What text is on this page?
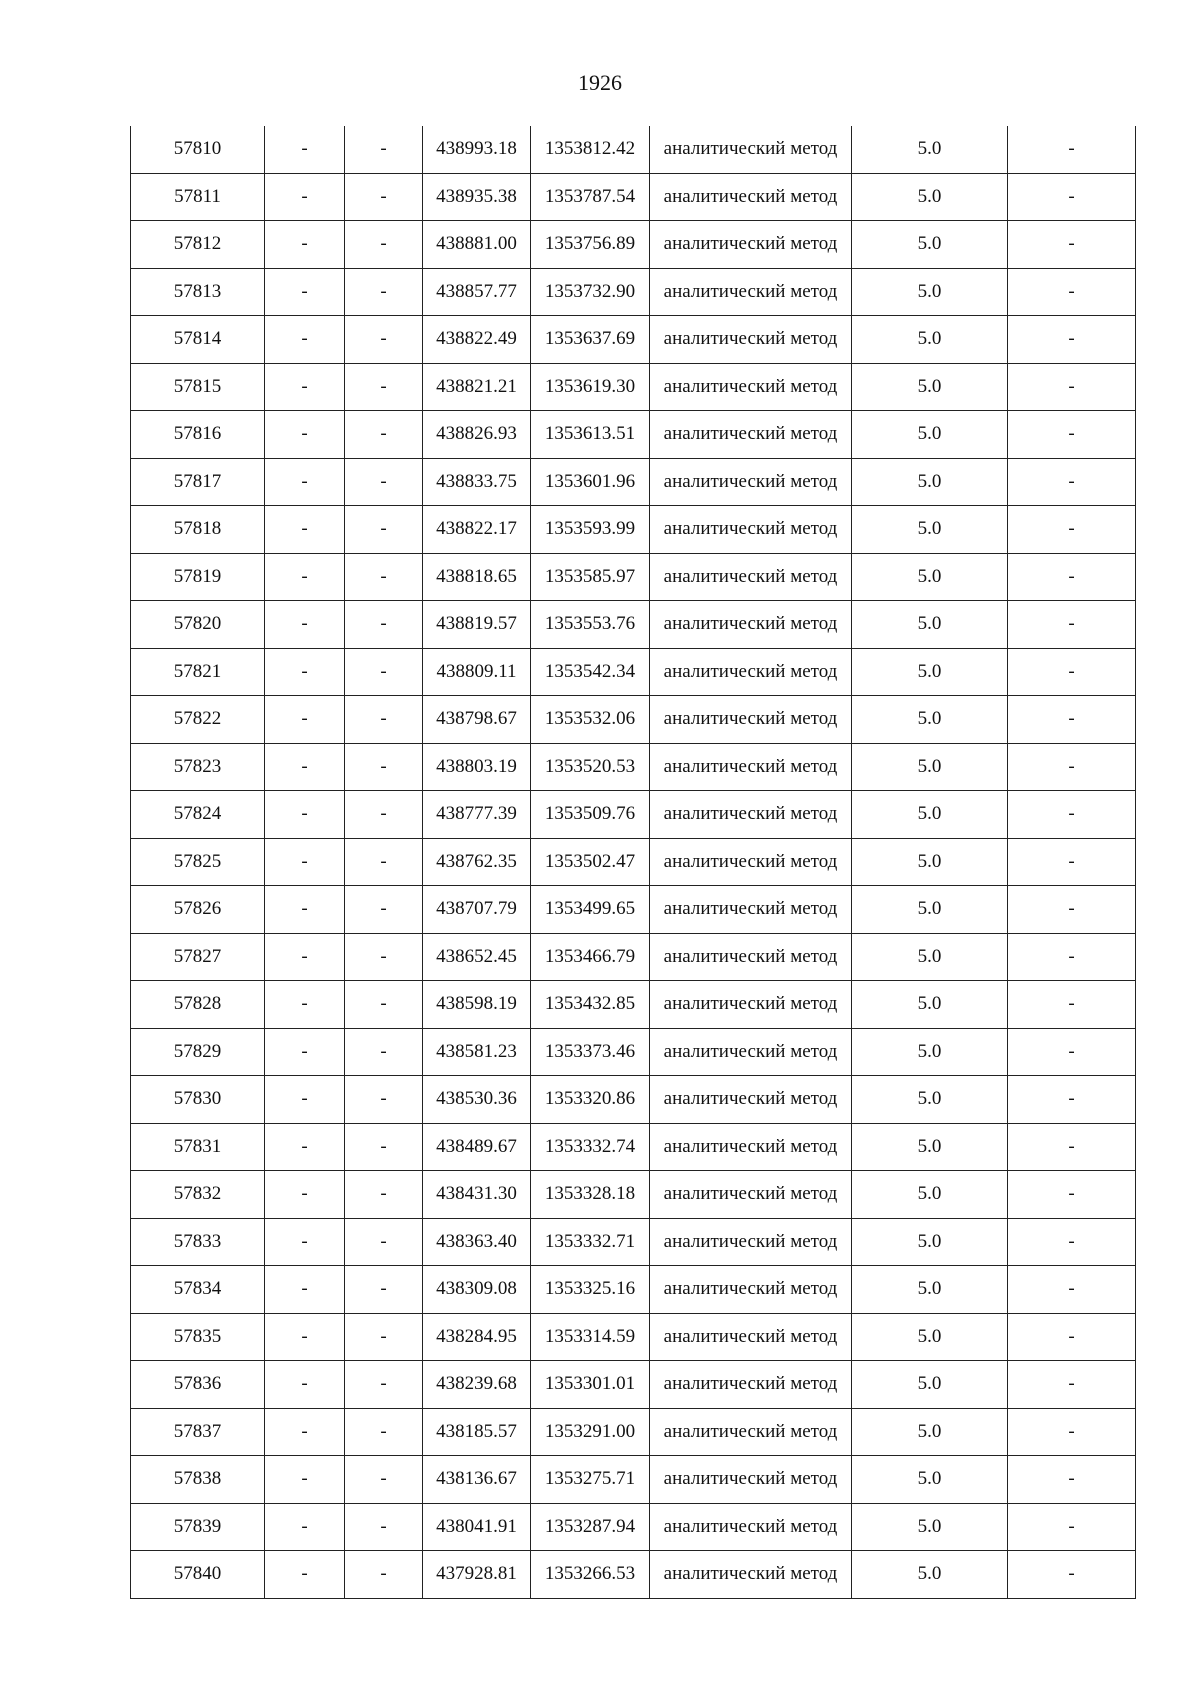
1926
57810	-	-	438993.18	1353812.42	аналитический метод	5.0	-
57811	-	-	438935.38	1353787.54	аналитический метод	5.0	-
57812	-	-	438881.00	1353756.89	аналитический метод	5.0	-
57813	-	-	438857.77	1353732.90	аналитический метод	5.0	-
57814	-	-	438822.49	1353637.69	аналитический метод	5.0	-
57815	-	-	438821.21	1353619.30	аналитический метод	5.0	-
57816	-	-	438826.93	1353613.51	аналитический метод	5.0	-
57817	-	-	438833.75	1353601.96	аналитический метод	5.0	-
57818	-	-	438822.17	1353593.99	аналитический метод	5.0	-
57819	-	-	438818.65	1353585.97	аналитический метод	5.0	-
57820	-	-	438819.57	1353553.76	аналитический метод	5.0	-
57821	-	-	438809.11	1353542.34	аналитический метод	5.0	-
57822	-	-	438798.67	1353532.06	аналитический метод	5.0	-
57823	-	-	438803.19	1353520.53	аналитический метод	5.0	-
57824	-	-	438777.39	1353509.76	аналитический метод	5.0	-
57825	-	-	438762.35	1353502.47	аналитический метод	5.0	-
57826	-	-	438707.79	1353499.65	аналитический метод	5.0	-
57827	-	-	438652.45	1353466.79	аналитический метод	5.0	-
57828	-	-	438598.19	1353432.85	аналитический метод	5.0	-
57829	-	-	438581.23	1353373.46	аналитический метод	5.0	-
57830	-	-	438530.36	1353320.86	аналитический метод	5.0	-
57831	-	-	438489.67	1353332.74	аналитический метод	5.0	-
57832	-	-	438431.30	1353328.18	аналитический метод	5.0	-
57833	-	-	438363.40	1353332.71	аналитический метод	5.0	-
57834	-	-	438309.08	1353325.16	аналитический метод	5.0	-
57835	-	-	438284.95	1353314.59	аналитический метод	5.0	-
57836	-	-	438239.68	1353301.01	аналитический метод	5.0	-
57837	-	-	438185.57	1353291.00	аналитический метод	5.0	-
57838	-	-	438136.67	1353275.71	аналитический метод	5.0	-
57839	-	-	438041.91	1353287.94	аналитический метод	5.0	-
57840	-	-	437928.81	1353266.53	аналитический метод	5.0	-
